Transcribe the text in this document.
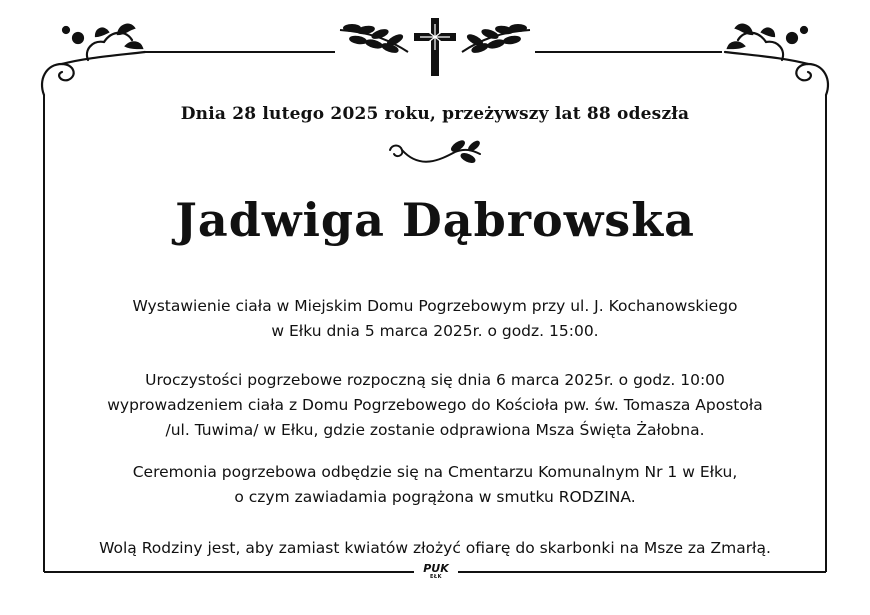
Dnia 28 lutego 2025 roku, przeżywszy lat 88 odeszła
Jadwiga Dąbrowska
Wystawienie ciała w Miejskim Domu Pogrzebowym przy ul. J. Kochanowskiego
w Ełku dnia 5 marca 2025r. o godz. 15:00.
Uroczystości pogrzebowe rozpoczną się dnia 6 marca 2025r. o godz. 10:00
wyprowadzeniem ciała z Domu Pogrzebowego do Kościoła pw. św. Tomasza Apostoła
/ul. Tuwima/ w Ełku, gdzie zostanie odprawiona Msza Święta Żałobna.
Ceremonia pogrzebowa odbędzie się na Cmentarzu Komunalnym Nr 1 w Ełku,
o czym zawiadamia pogrążona w smutku RODZINA.
Wolą Rodziny jest, aby zamiast kwiatów złożyć ofiarę do skarbonki na Msze za Zmarłą.
PUK
EŁK
